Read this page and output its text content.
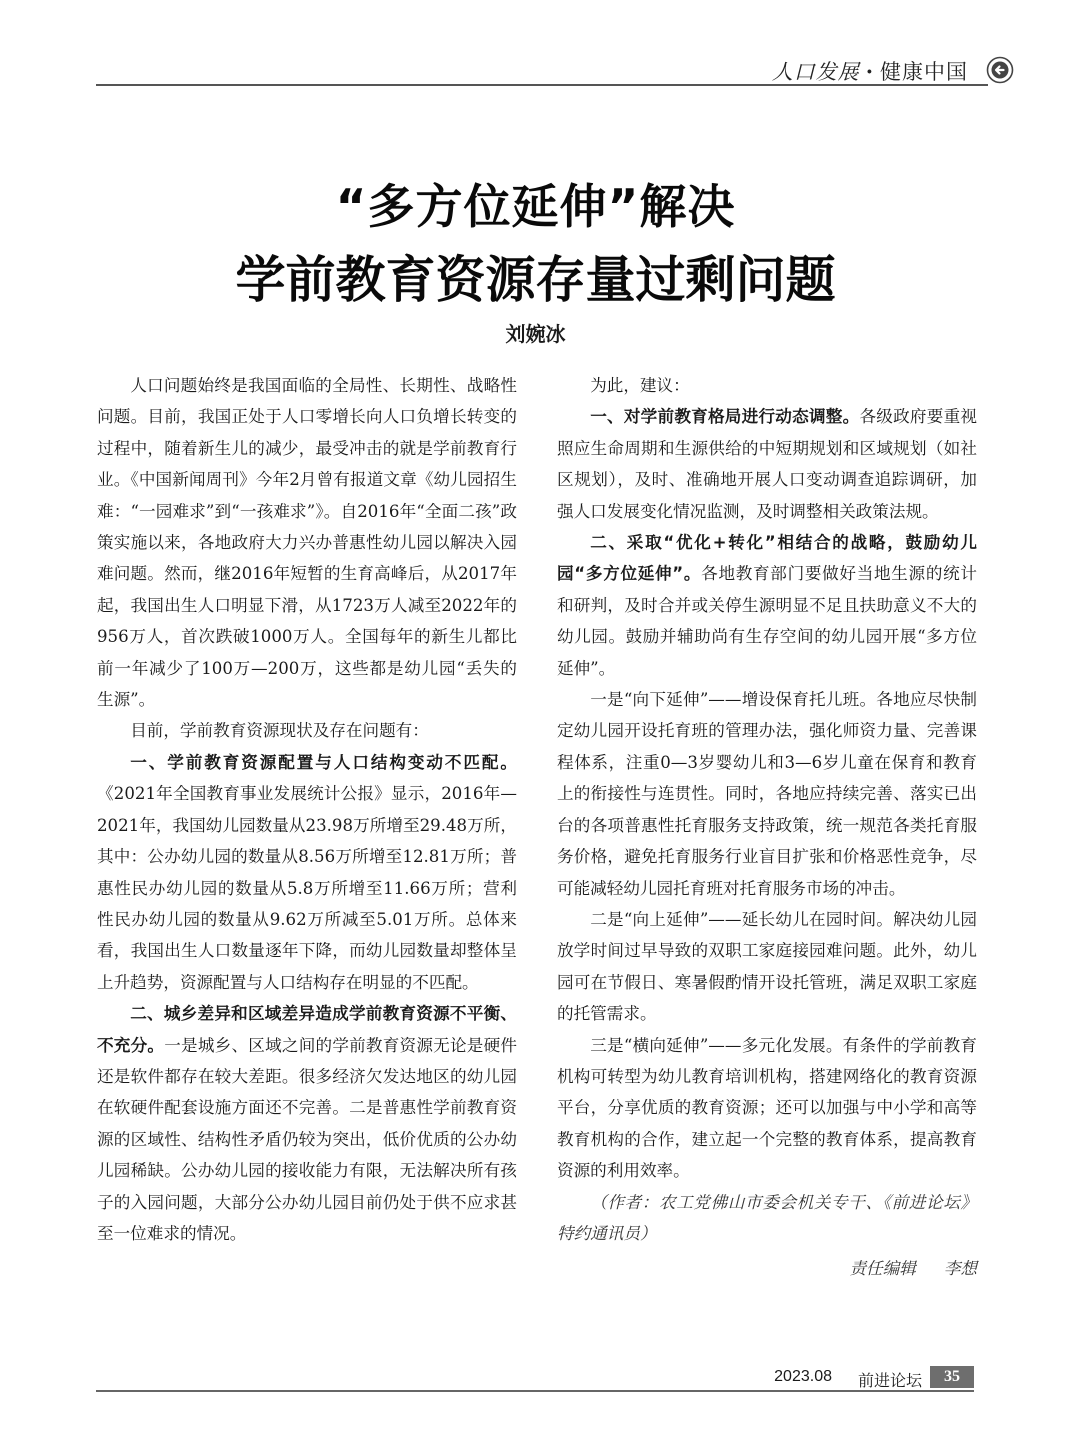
人口发展 · 健康中国
“多方位延伸”解决
学前教育资源存量过剩问题
刘婉冰

人口问题始终是我国面临的全局性、长期性、战略性问题。目前，我国正处于人口零增长向人口负增长转变的过程中，随着新生儿的减少，最受冲击的就是学前教育行业。《中国新闻周刊》今年2月曾有报道文章《幼儿园招生难：“一园难求”到“一孩难求”》。自2016年“全面二孩”政策实施以来，各地政府大力兴办普惠性幼儿园以解决入园难问题。然而，继2016年短暂的生育高峰后，从2017年起，我国出生人口明显下滑，从1723万人减至2022年的956万人，首次跌破1000万人。全国每年的新生儿都比前一年减少了100万—200万，这些都是幼儿园“丢失的生源”。

目前，学前教育资源现状及存在问题有：

一、学前教育资源配置与人口结构变动不匹配。《2021年全国教育事业发展统计公报》显示，2016年—2021年，我国幼儿园数量从23.98万所增至29.48万所，其中：公办幼儿园的数量从8.56万所增至12.81万所；普惠性民办幼儿园的数量从5.8万所增至11.66万所；营利性民办幼儿园的数量从9.62万所减至5.01万所。总体来看，我国出生人口数量逐年下降，而幼儿园数量却整体呈上升趋势，资源配置与人口结构存在明显的不匹配。

二、城乡差异和区域差异造成学前教育资源不平衡、不充分。一是城乡、区域之间的学前教育资源无论是硬件还是软件都存在较大差距。很多经济欠发达地区的幼儿园在软硬件配套设施方面还不完善。二是普惠性学前教育资源的区域性、结构性矛盾仍较为突出，低价优质的公办幼儿园稀缺。公办幼儿园的接收能力有限，无法解决所有孩子的入园问题，大部分公办幼儿园目前仍处于供不应求甚至一位难求的情况。

为此，建议：

一、对学前教育格局进行动态调整。各级政府要重视照应生命周期和生源供给的中短期规划和区域规划（如社区规划），及时、准确地开展人口变动调查追踪调研，加强人口发展变化情况监测，及时调整相关政策法规。

二、采取“优化+转化”相结合的战略，鼓励幼儿园“多方位延伸”。各地教育部门要做好当地生源的统计和研判，及时合并或关停生源明显不足且扶助意义不大的幼儿园。鼓励并辅助尚有生存空间的幼儿园开展“多方位延伸”。

一是“向下延伸”——增设保育托儿班。各地应尽快制定幼儿园开设托育班的管理办法，强化师资力量、完善课程体系，注重0—3岁婴幼儿和3—6岁儿童在保育和教育上的衔接性与连贯性。同时，各地应持续完善、落实已出台的各项普惠性托育服务支持政策，统一规范各类托育服务价格，避免托育服务行业盲目扩张和价格恶性竞争，尽可能减轻幼儿园托育班对托育服务市场的冲击。

二是“向上延伸”——延长幼儿在园时间。解决幼儿园放学时间过早导致的双职工家庭接园难问题。此外，幼儿园可在节假日、寒暑假酌情开设托管班，满足双职工家庭的托管需求。

三是“横向延伸”——多元化发展。有条件的学前教育机构可转型为幼儿教育培训机构，搭建网络化的教育资源平台，分享优质的教育资源；还可以加强与中小学和高等教育机构的合作，建立起一个完整的教育体系，提高教育资源的利用效率。

（作者：农工党佛山市委会机关专干、《前进论坛》特约通讯员）

责任编辑 李想
2023.08 前进论坛	35
